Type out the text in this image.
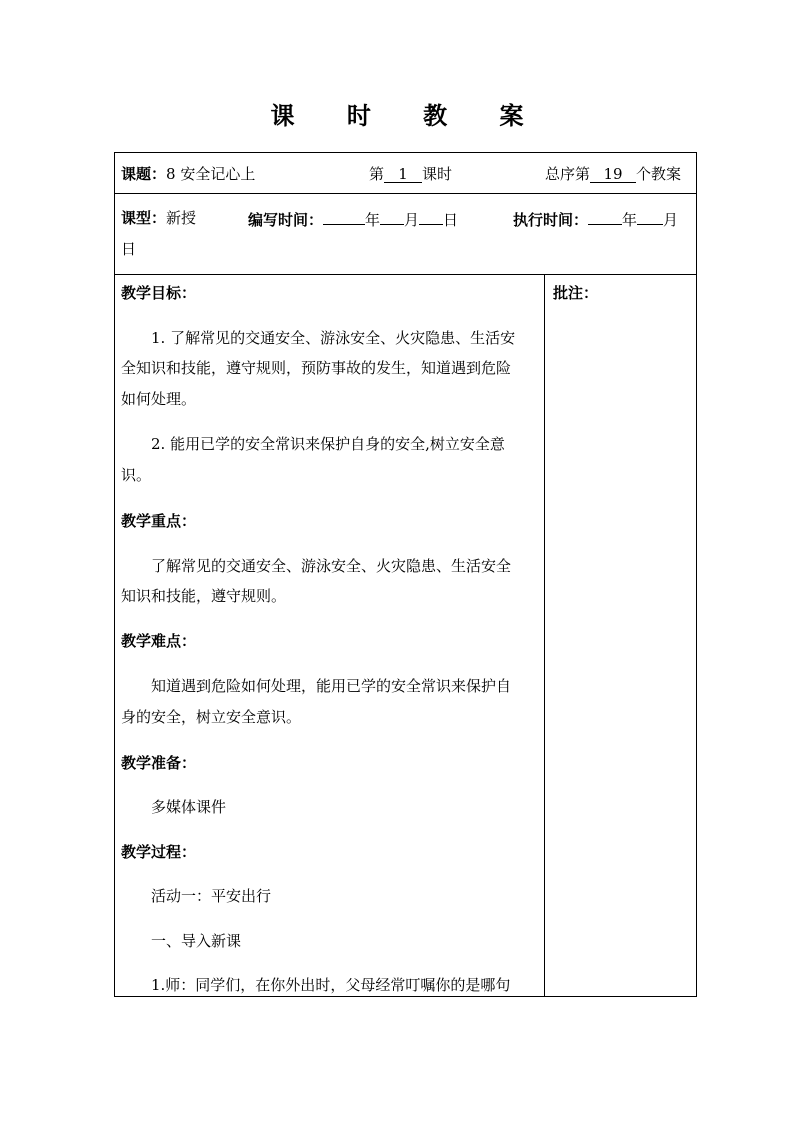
课 时 教 案
课题：8 安全记心上	第 1 课时	总序第 19 个教案
课型：新授	编写时间：	年 月 日	执行时间： 年 月
日
教学目标：
1. 了解常见的交通安全、游泳安全、火灾隐患、生活安
全知识和技能，遵守规则，预防事故的发生，知道遇到危险
如何处理。
2. 能用已学的安全常识来保护自身的安全,树立安全意
识。
教学重点：
了解常见的交通安全、游泳安全、火灾隐患、生活安全
知识和技能，遵守规则。
教学难点：
知道遇到危险如何处理，能用已学的安全常识来保护自
身的安全，树立安全意识。
教学准备：
多媒体课件
教学过程：
活动一：平安出行
一、导入新课
1.师：同学们，在你外出时，父母经常叮嘱你的是哪句
批注：
